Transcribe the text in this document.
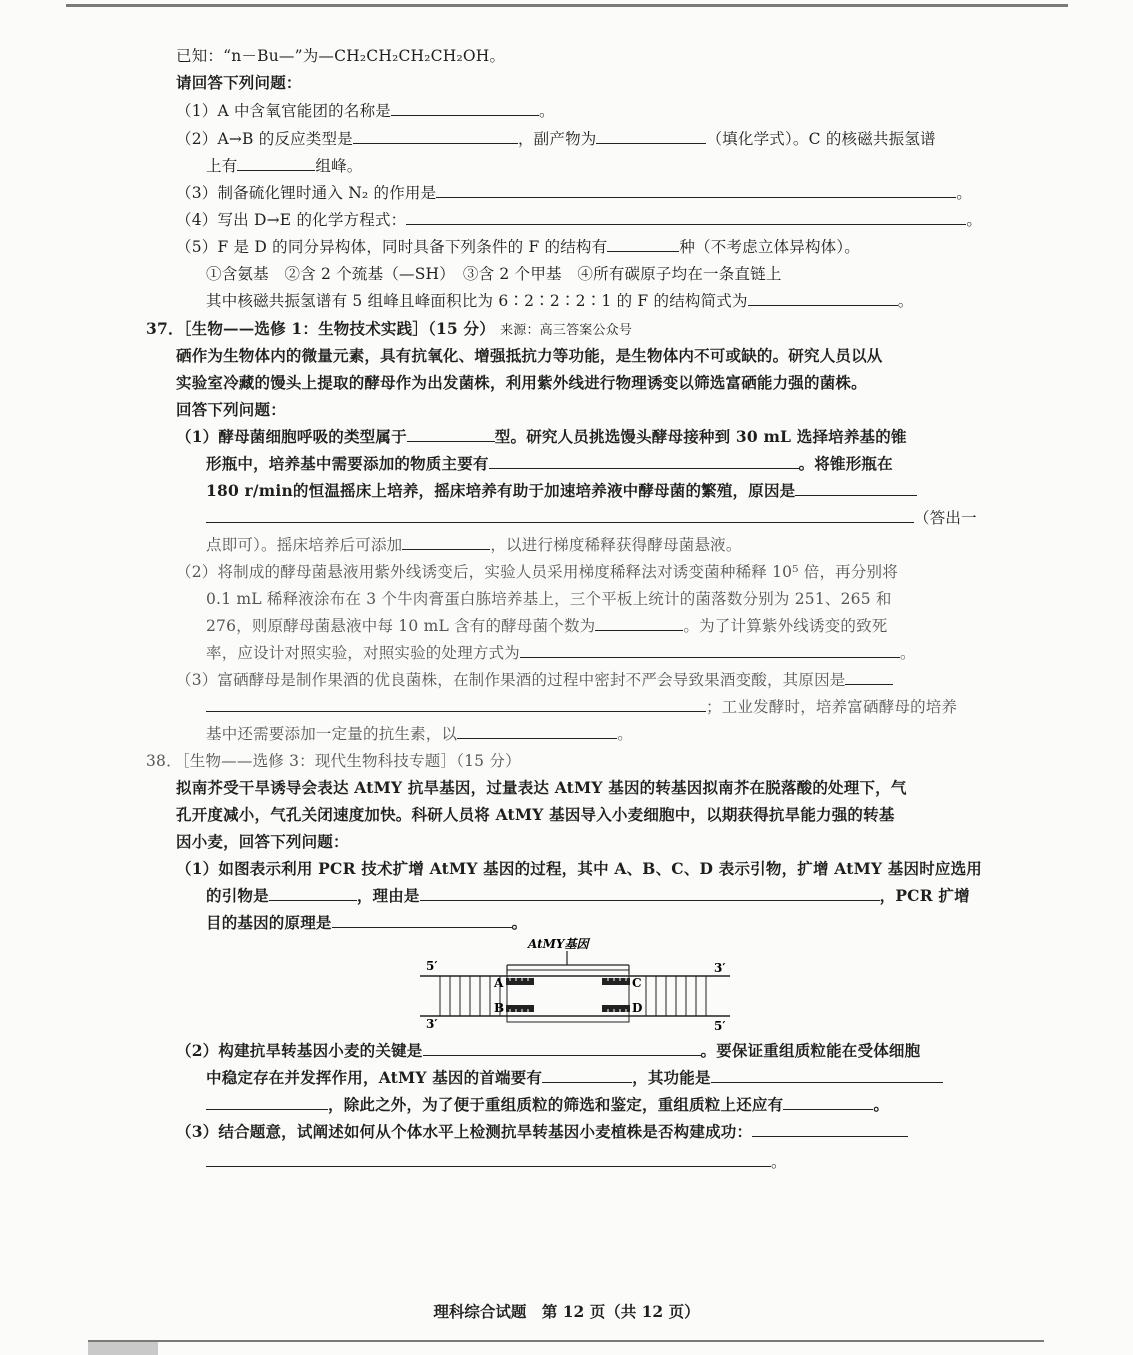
已知：“n－Bu—”为—CH₂CH₂CH₂CH₂OH。
请回答下列问题：
（1）A 中含氧官能团的名称是	。
（2）A→B 的反应类型是	，副产物为	（填化学式）。C 的核磁共振氢谱
上有	组峰。
（3）制备硫化锂时通入 N₂ 的作用是	。
（4）写出 D→E 的化学方程式：	。
（5）F 是 D 的同分异构体，同时具备下列条件的 F 的结构有	种（不考虑立体异构体）。
①含氨基　②含 2 个巯基（—SH）　③含 2 个甲基　④所有碳原子均在一条直链上
其中核磁共振氢谱有 5 组峰且峰面积比为 6∶2∶2∶2∶1 的 F 的结构简式为	。
37．［生物——选修 1：生物技术实践］（15 分） 来源：高三答案公众号
硒作为生物体内的微量元素，具有抗氧化、增强抵抗力等功能，是生物体内不可或缺的。研究人员以从
实验室冷藏的馒头上提取的酵母作为出发菌株，利用紫外线进行物理诱变以筛选富硒能力强的菌株。
回答下列问题：
（1）酵母菌细胞呼吸的类型属于	型。研究人员挑选馒头酵母接种到 30 mL 选择培养基的锥
形瓶中，培养基中需要添加的物质主要有	。将锥形瓶在
180 r/min的恒温摇床上培养，摇床培养有助于加速培养液中酵母菌的繁殖，原因是
（答出一
点即可）。摇床培养后可添加	，以进行梯度稀释获得酵母菌悬液。
（2）将制成的酵母菌悬液用紫外线诱变后，实验人员采用梯度稀释法对诱变菌种稀释 10⁵ 倍，再分别将
0.1 mL 稀释液涂布在 3 个牛肉膏蛋白胨培养基上，三个平板上统计的菌落数分别为 251、265 和
276，则原酵母菌悬液中每 10 mL 含有的酵母菌个数为	。为了计算紫外线诱变的致死
率，应设计对照实验，对照实验的处理方式为	。
（3）富硒酵母是制作果酒的优良菌株，在制作果酒的过程中密封不严会导致果酒变酸，其原因是
；工业发酵时，培养富硒酵母的培养
基中还需要添加一定量的抗生素，以	。
38．［生物——选修 3：现代生物科技专题］（15 分）
拟南芥受干旱诱导会表达 AtMY 抗旱基因，过量表达 AtMY 基因的转基因拟南芥在脱落酸的处理下，气
孔开度减小，气孔关闭速度加快。科研人员将 AtMY 基因导入小麦细胞中，以期获得抗旱能力强的转基
因小麦，回答下列问题：
（1）如图表示利用 PCR 技术扩增 AtMY 基因的过程，其中 A、B、C、D 表示引物，扩增 AtMY 基因时应选用
的引物是	，理由是	，PCR 扩增
目的基因的原理是	。
AtMY基因
5′	3′
3′	5′
A
B
C
D
（2）构建抗旱转基因小麦的关键是	。要保证重组质粒能在受体细胞
中稳定存在并发挥作用，AtMY 基因的首端要有	，其功能是
，除此之外，为了便于重组质粒的筛选和鉴定，重组质粒上还应有	。
（3）结合题意，试阐述如何从个体水平上检测抗旱转基因小麦植株是否构建成功：
。
理科综合试题　第 12 页（共 12 页）
